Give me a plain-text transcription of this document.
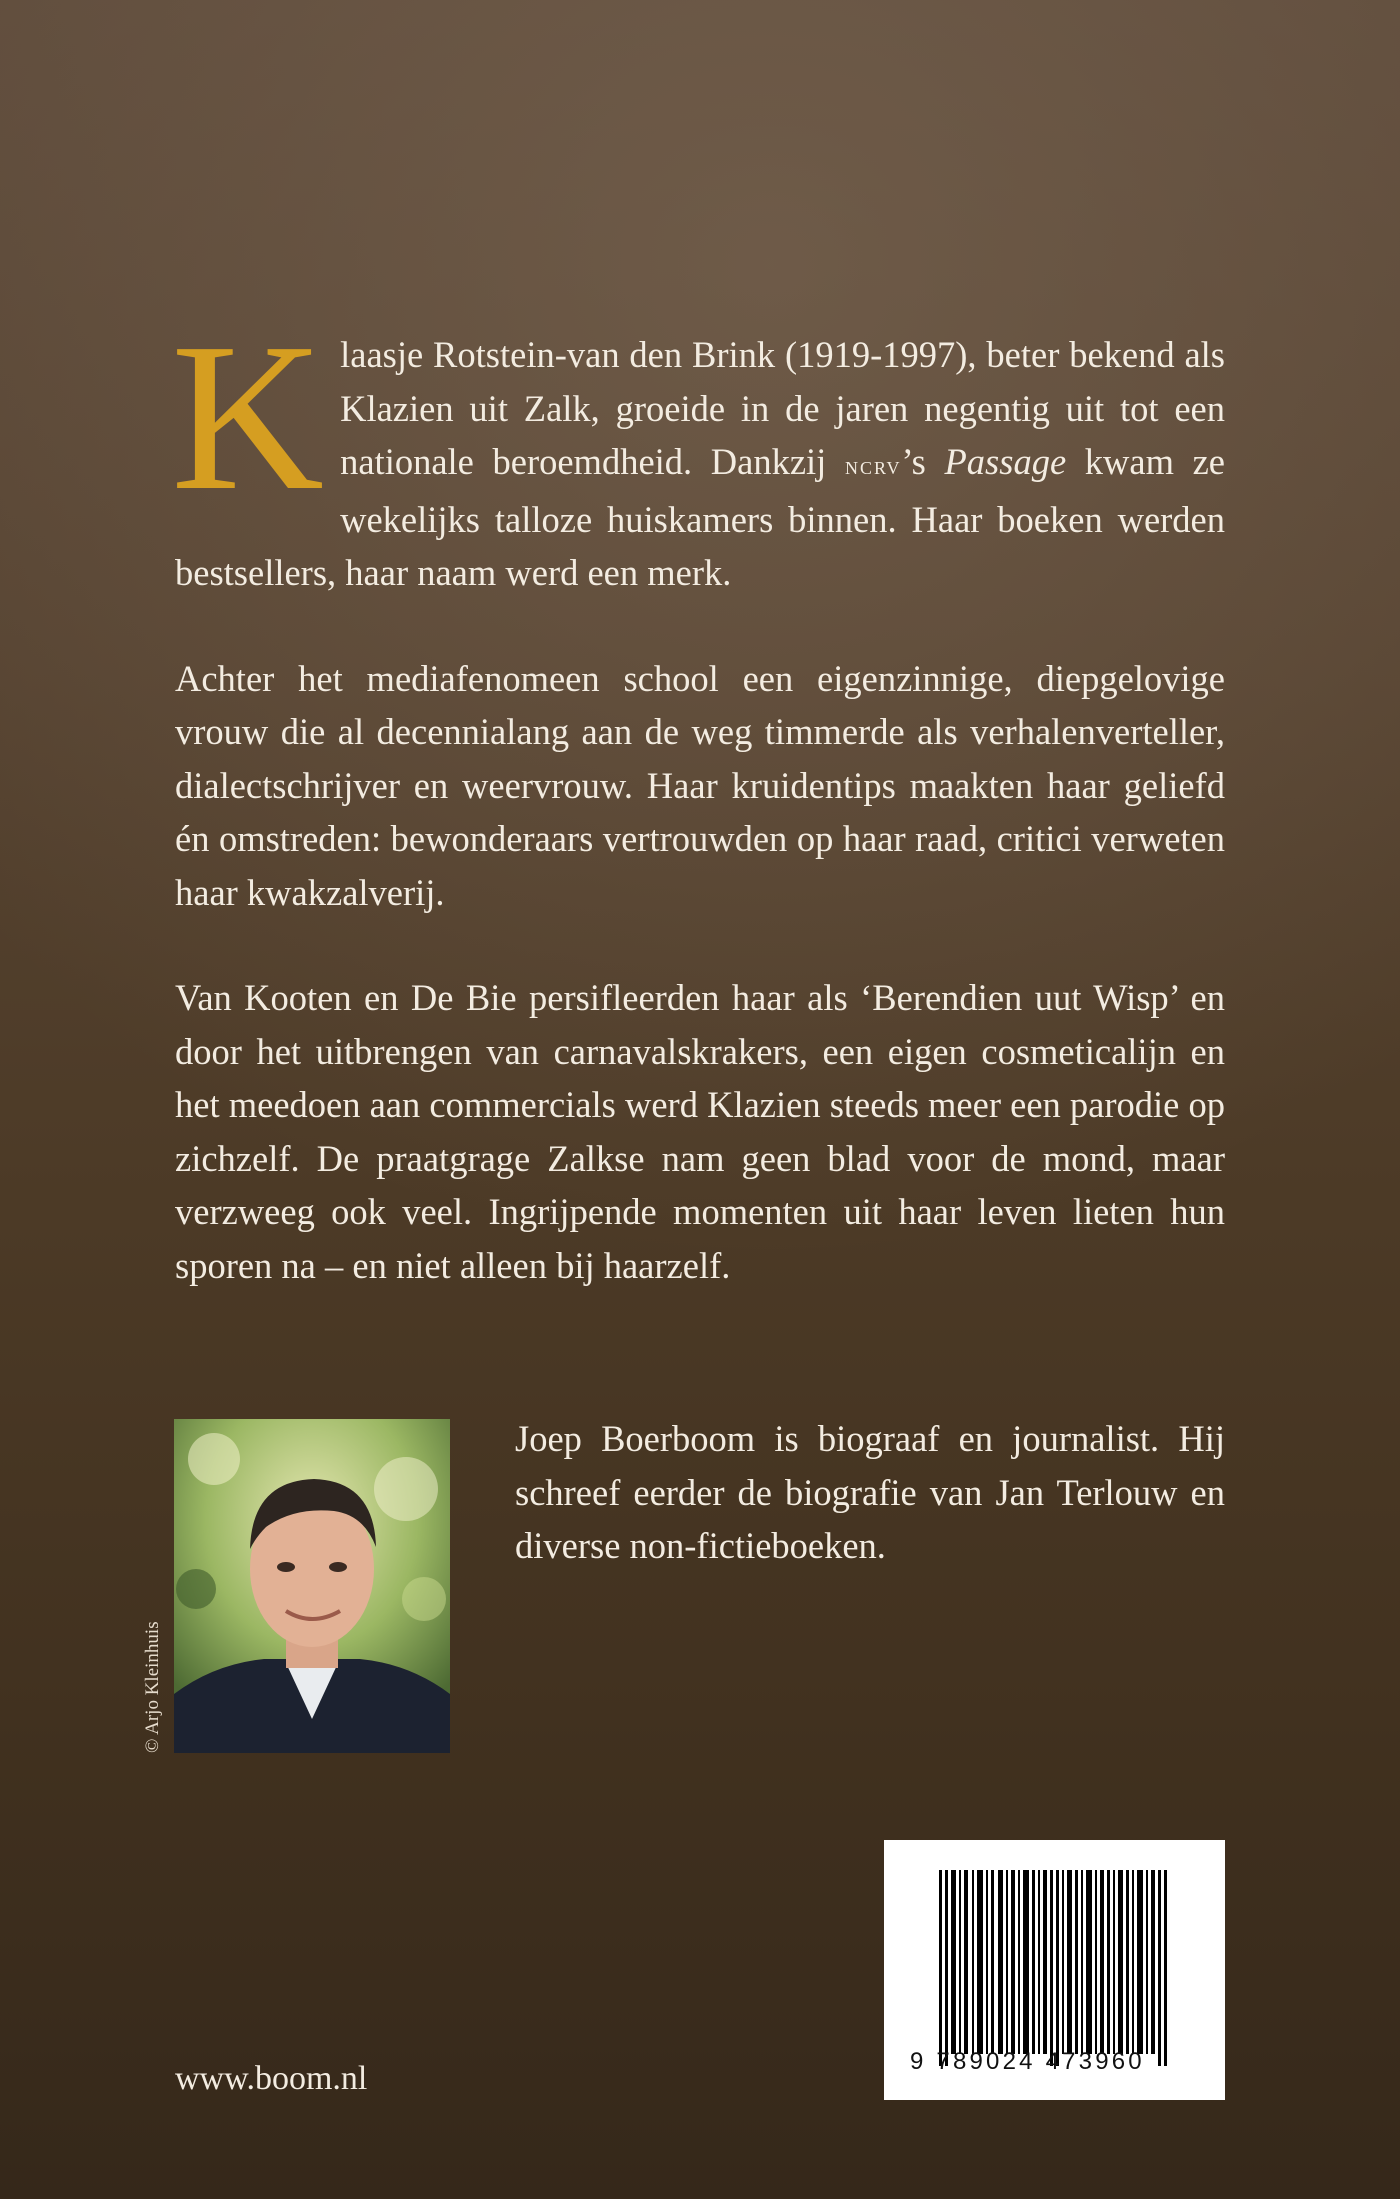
Klaasje Rotstein-van den Brink (1919-1997), beter bekend als Klazien uit Zalk, groeide in de jaren negentig uit tot een nationale beroemdheid. Dankzij ncrv’s Passage kwam ze wekelijks talloze huiskamers binnen. Haar boeken werden bestsellers, haar naam werd een merk.

Achter het mediafenomeen school een eigenzinnige, diepgelovige vrouw die al decennialang aan de weg timmerde als verhalenverteller, dialectschrijver en weervrouw. Haar kruidentips maakten haar geliefd én omstreden: bewonderaars vertrouwden op haar raad, critici verweten haar kwakzalverij.

Van Kooten en De Bie persifleerden haar als ‘Berendien uut Wisp’ en door het uitbrengen van carnavalskrakers, een eigen cosmeticalijn en het meedoen aan commercials werd Klazien steeds meer een parodie op zichzelf. De praatgrage Zalkse nam geen blad voor de mond, maar verzweeg ook veel. Ingrijpende momenten uit haar leven lieten hun sporen na – en niet alleen bij haarzelf.

© Arjo Kleinhuis

Joep Boerboom is biograaf en journalist. Hij schreef eerder de biografie van Jan Terlouw en diverse non-fictieboeken.

9 789024 473960
www.boom.nl
